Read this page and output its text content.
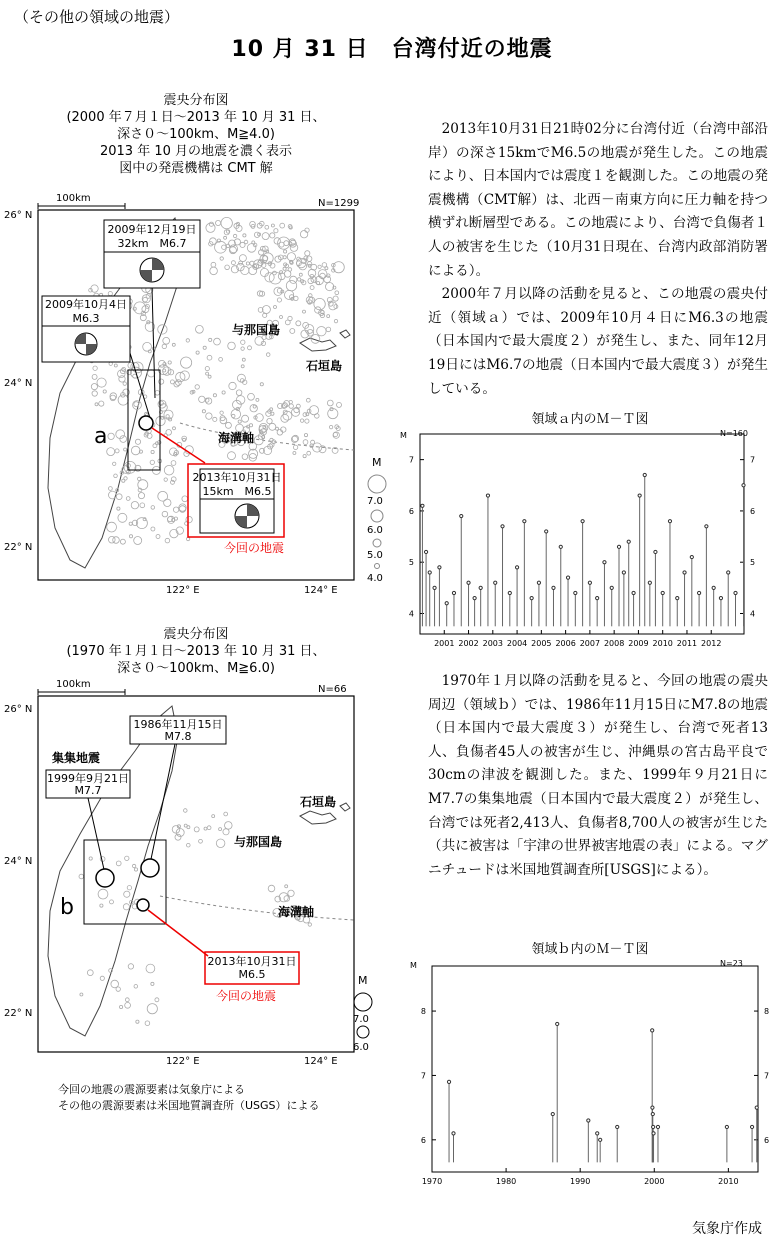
（その他の領域の地震）
10 月 31 日　台湾付近の地震
震央分布図
(2000 年７月１日～2013 年 10 月 31 日、
深さ０～100km、M≧4.0)
2013 年 10 月の地震を濃く表示
図中の発震機構は CMT 解
100km	N=1299
a
与那国島
石垣島
海溝軸
2009年12月19日
32km　M6.7
2009年10月4日
M6.3
2013年10月31日
15km　M6.5
今回の地震
26° N
24° N
22° N
122° E	124° E
M
7.0
6.0
5.0
4.0

2013年10月31日21時02分に台湾付近（台湾中部沿岸）の深さ15kmでM6.5の地震が発生した。この地震により、日本国内では震度１を観測した。この地震の発震機構（CMT解）は、北西－南東方向に圧力軸を持つ横ずれ断層型である。この地震により、台湾で負傷者１人の被害を生じた（10月31日現在、台湾内政部消防署による）。

2000年７月以降の活動を見ると、この地震の震央付近（領域ａ）では、2009年10月４日にM6.3の地震（日本国内で最大震度２）が発生し、また、同年12月19日にはM6.7の地震（日本国内で最大震度３）が発生している。

領域ａ内のＭ－Ｔ図
N=160
M
4	4
5	5
6	6
7	7
2001 2002 2003 2004 2005 2006 2007 2008 2009 2010 2011 2012
震央分布図
(1970 年１月１日～2013 年 10 月 31 日、
深さ０～100km、M≧6.0)
100km	N=66
b
集集地震
石垣島
与那国島
海溝軸
1986年11月15日
M7.8
1999年9月21日
M7.7
2013年10月31日
M6.5
今回の地震
26° N
24° N
22° N
122° E	124° E
M
7.0
6.0
今回の地震の震源要素は気象庁による
その他の震源要素は米国地質調査所（USGS）による

1970年１月以降の活動を見ると、今回の地震の震央周辺（領域ｂ）では、1986年11月15日にM7.8の地震（日本国内で最大震度３）が発生し、台湾で死者13人、負傷者45人の被害が生じ、沖縄県の宮古島平良で30cmの津波を観測した。また、1999年９月21日にM7.7の集集地震（日本国内で最大震度２）が発生し、台湾では死者2,413人、負傷者8,700人の被害が生じた（共に被害は「宇津の世界被害地震の表」による。マグニチュードは米国地質調査所[USGS]による）。

領域ｂ内のＭ－Ｔ図
N=23
M
6	6
7	7
8	8
1970	1980	1990	2000	2010
気象庁作成
